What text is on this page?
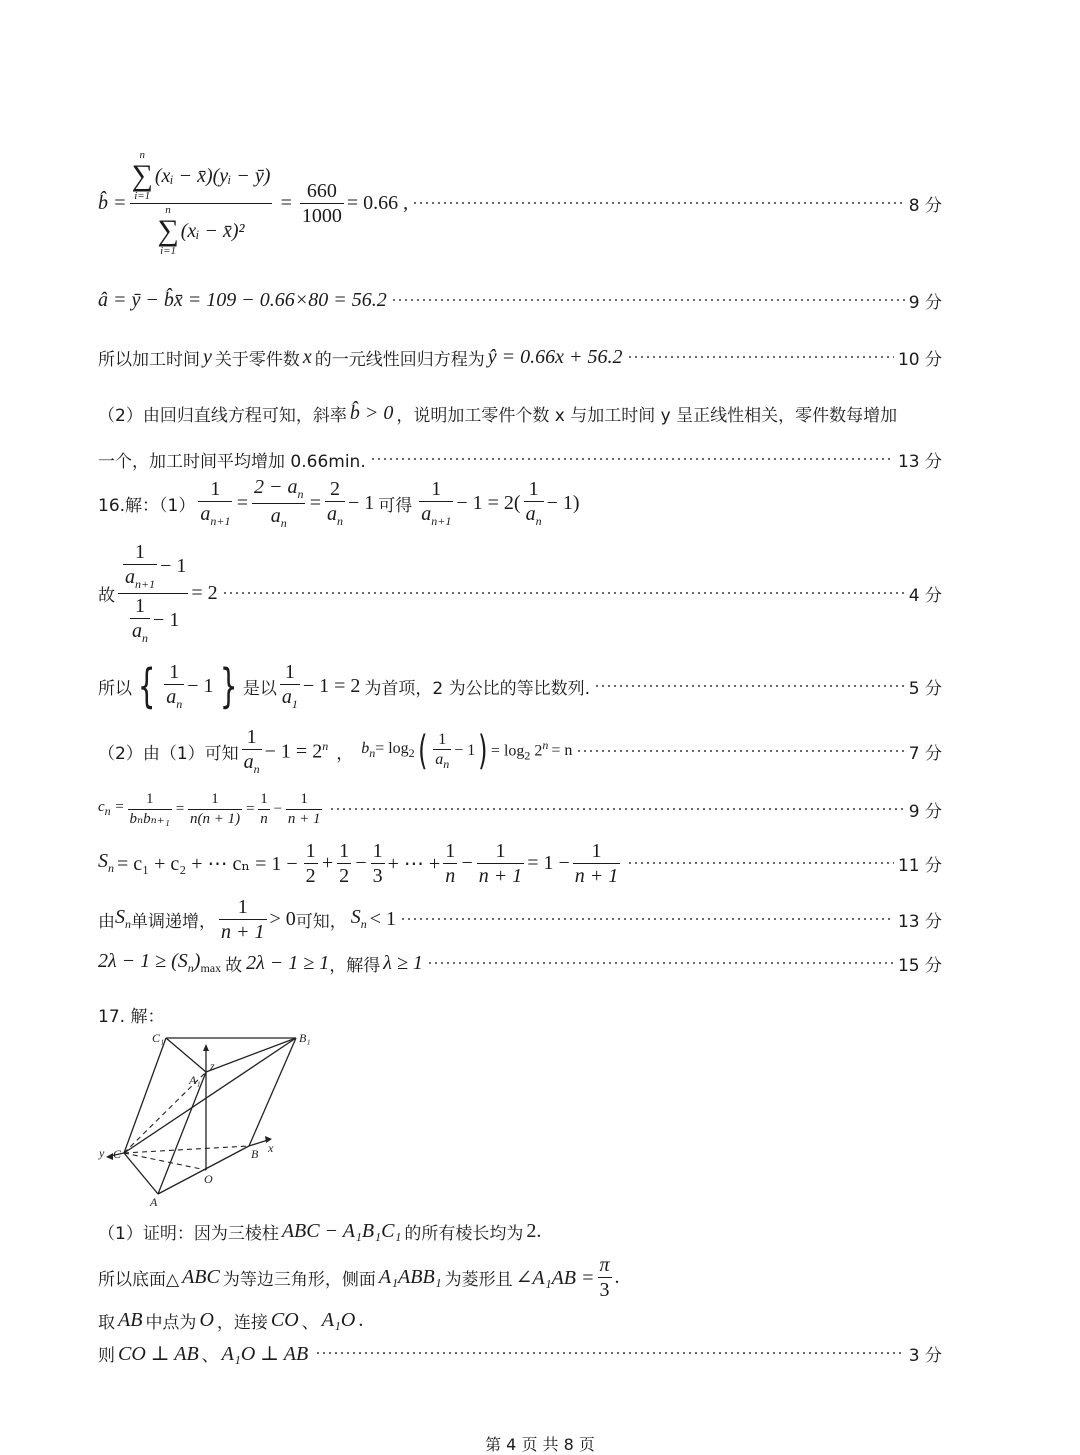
b̂ = n
∑
i=1
(xᵢ − x̄)(yᵢ − ȳ)
n
∑
i=1
(xᵢ − x̄)² = $\frac{660}{1000} = 0.66$ ,	8 分
â = ȳ − b̂x̄ = 109 − 0.66×80 = 56.2	9 分
所以加工时间 y 关于零件数 x 的一元线性回归方程为 ŷ = 0.66x + 56.2	10 分
（2）由回归直线方程可知，斜率 b̂ > 0 ，说明加工零件个数 x 与加工时间 y 呈正线性相关，零件数每增加
一个，加工时间平均增加 0.66min.	13 分
16.解：$(1) \frac{1}{a_{n+1}} = \frac{2 - a_n}{a_n} = \frac{2}{a_n} - 1$ 可得 $\frac{1}{a_{n+1}} - 1 = 2( \frac{1}{a_n} - 1)$
故 $\frac{\frac{1}{a_{n+1}} - 1}{\frac{1}{a_n} - 1} = 2$	4 分
所以 { $\frac{1}{a_n} - 1$ } 是以 $\frac{1}{a_1} - 1 = 2$ 为首项，2 为公比的等比数列.	5 分
（2）由（1）可知 $\frac{1}{a_n} - 1 = 2^n$ ， $b_n = \log_2$ ( $\frac{1}{a_n} - 1$ ) = $\log_2 2^n = n$	7 分
$c_n = \frac{1}{\text{bₙbₙ₊₁}} = \frac{1}{n(n + 1)} = \frac{1}{n} - \frac{1}{n + 1}$	9 分
$S_n = c_1 + c_2$ + ⋯ $c_n = 1 - \frac{1}{2} + \frac{1}{2} - \frac{1}{3}$ + ⋯ + $\frac{1}{n} - \frac{1}{n + 1} = 1 - \frac{1}{n + 1}$	11 分
由 $S_n$ 单调递增， $\frac{1}{n + 1} > 0$ 可知， $S_n < 1$	13 分
$2\lambda - 1 \ge (S_n)_{max}$ 故 2λ − 1 ≥ 1 ，解得 λ ≥ 1	15 分
17. 解：
C₁	B₁
A₁
z
y C	B x
O
A
（1）证明：因为三棱柱 ABC − A₁B₁C₁ 的所有棱长均为 2 .
所以底面△ ABC 为等边三角形，侧面 A₁ABB₁ 为菱形且 ∠A₁AB = $\frac{\pi}{3}$ .
取 AB 中点为 O ，连接 CO 、 A₁O .
则 CO ⊥ AB 、 A₁O ⊥ AB	3 分
第 4 页 共 8 页
